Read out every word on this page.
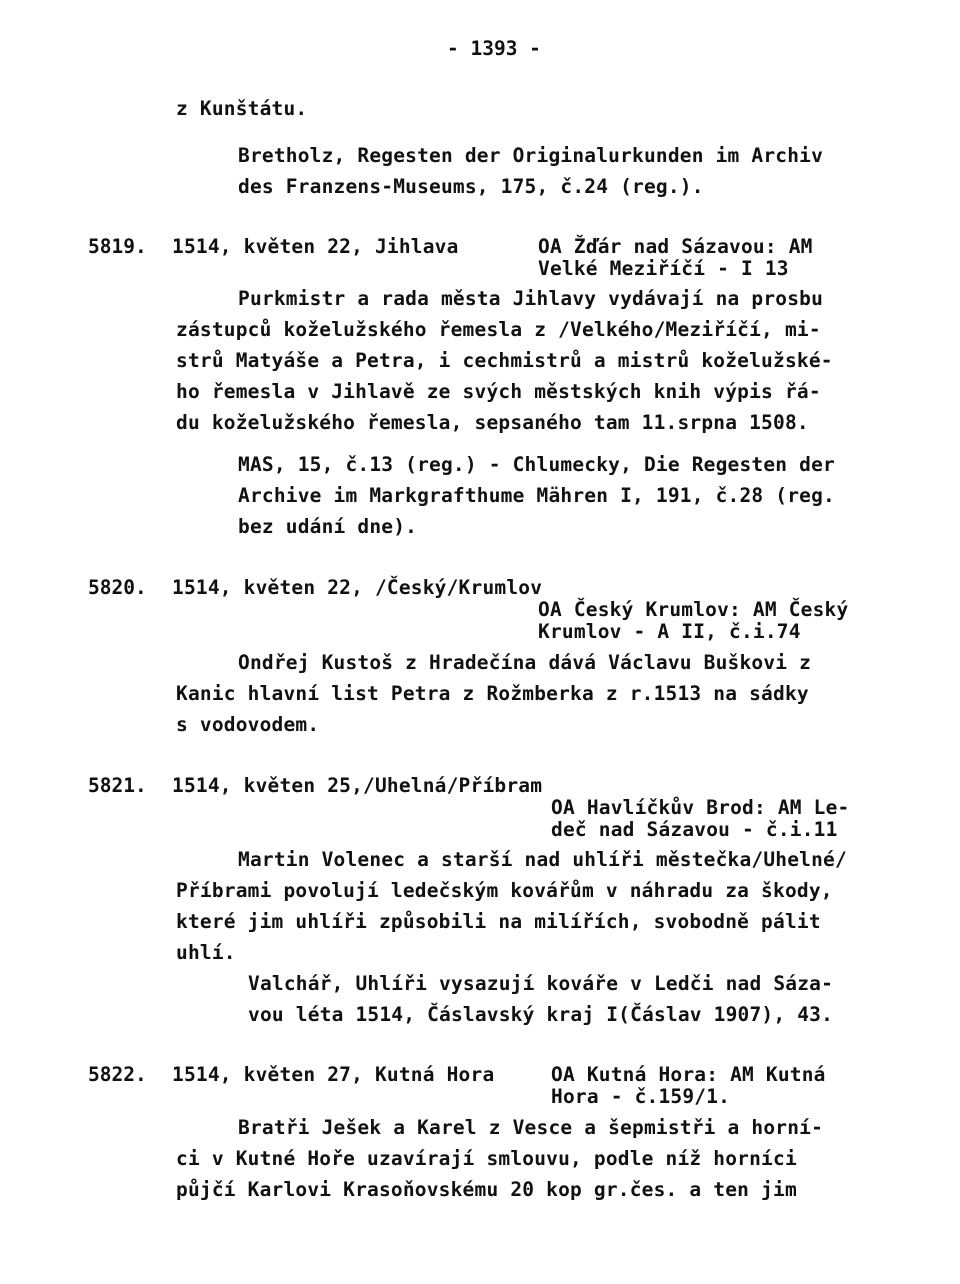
- 1393 -
z Kunštátu.
Bretholz, Regesten der Originalurkunden im Archiv
des Franzens-Museums, 175, č.24 (reg.).
5819. 1514, květen 22, Jihlava	OA Žďár nad Sázavou: AM
Velké Meziříčí - I 13
Purkmistr a rada města Jihlavy vydávají na prosbu
zástupců koželužského řemesla z /Velkého/Meziříčí, mi-
strů Matyáše a Petra, i cechmistrů a mistrů koželužské-
ho řemesla v Jihlavě ze svých městských knih výpis řá-
du koželužského řemesla, sepsaného tam 11.srpna 1508.
MAS, 15, č.13 (reg.) - Chlumecky, Die Regesten der
Archive im Markgrafthume Mähren I, 191, č.28 (reg.
bez udání dne).
5820. 1514, květen 22, /Český/Krumlov
OA Český Krumlov: AM Český
Krumlov - A II, č.i.74
Ondřej Kustoš z Hradečína dává Václavu Buškovi z
Kanic hlavní list Petra z Rožmberka z r.1513 na sádky
s vodovodem.
5821. 1514, květen 25,/Uhelná/Příbram
OA Havlíčkův Brod: AM Le-
deč nad Sázavou - č.i.11
Martin Volenec a starší nad uhlíři městečka/Uhelné/
Příbrami povolují ledečským kovářům v náhradu za škody,
které jim uhlíři způsobili na milířích, svobodně pálit
uhlí.
Valchář, Uhlíři vysazují kováře v Ledči nad Sáza-
vou léta 1514, Čáslavský kraj I(Čáslav 1907), 43.
5822. 1514, květen 27, Kutná Hora	OA Kutná Hora: AM Kutná
Hora - č.159/1.
Bratři Ješek a Karel z Vesce a šepmistři a horní-
ci v Kutné Hoře uzavírají smlouvu, podle níž horníci
půjčí Karlovi Krasoňovskému 20 kop gr.čes. a ten jim
